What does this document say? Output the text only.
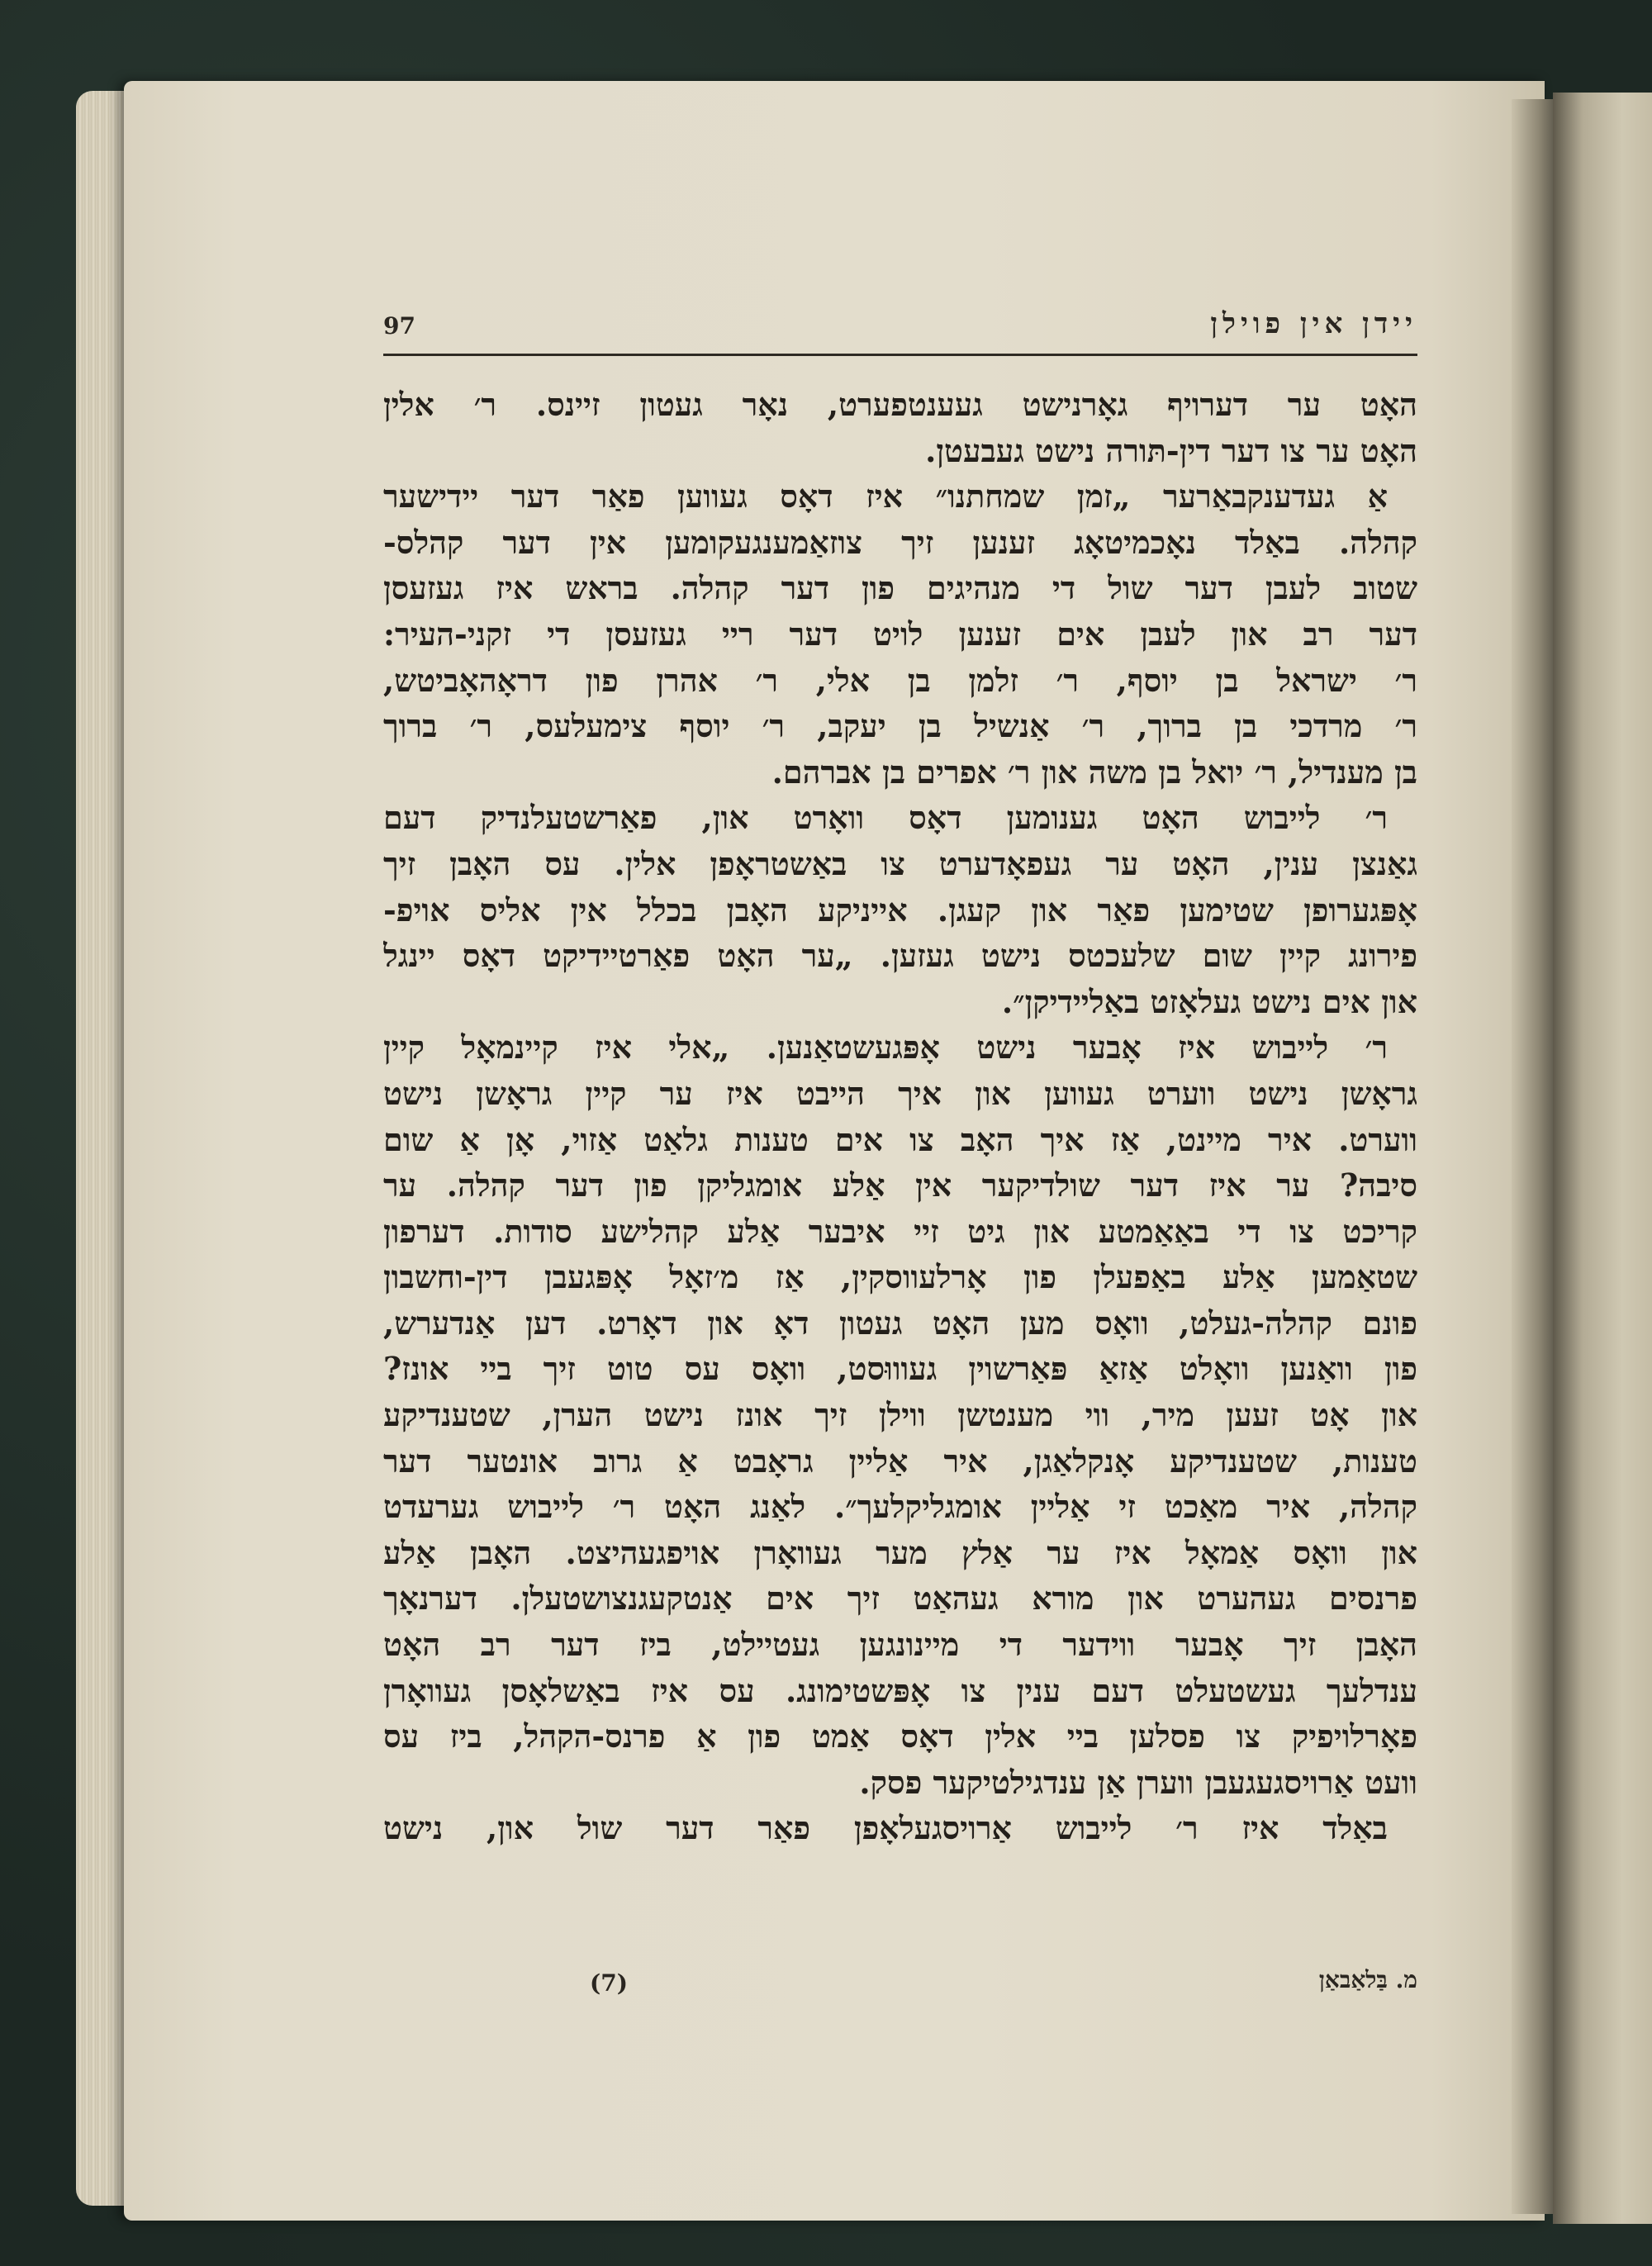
97	יידן אין פוילן
האָט ער דערויף גאָרנישט געענטפערט, נאָר געטון זיינס. ר׳ אלין
האָט ער צו דער דין-תּורה נישט געבעטן.
אַ געדענקבאַרער „זמן שמחתנו״ איז דאָס געווען פאַר דער יידישער
קהלה. באַלד נאָכמיטאָג זענען זיך צוזאַמענגעקומען אין דער קהלס-
שטוב לעבן דער שול די מנהיגים פון דער קהלה. בראש איז געזעסן
דער רב און לעבן אים זענען לויט דער ריי געזעסן די זקני-העיר:
ר׳ ישראל בן יוסף, ר׳ זלמן בן אלי, ר׳ אהרן פון דראָהאָביטש,
ר׳ מרדכי בן ברוך, ר׳ אַנשיל בן יעקב, ר׳ יוסף צימעלעס, ר׳ ברוך
בן מענדיל, ר׳ יואל בן משה און ר׳ אפרים בן אברהם.
ר׳ לייבוש האָט גענומען דאָס וואָרט און, פאַרשטעלנדיק דעם
גאַנצן ענין, האָט ער געפאָדערט צו באַשטראָפן אלין. עס האָבן זיך
אָפּגערופן שטימען פאַר און קעגן. אייניקע האָבן בכלל אין אליס אויפ-
פירונג קיין שום שלעכטס נישט געזען. „ער האָט פאַרטיידיקט דאָס יינגל
און אים נישט געלאָזט באַליידיקן״.
ר׳ לייבוש איז אָבער נישט אָפּגעשטאַנען. „אלי איז קיינמאָל קיין
גראָשן נישט ווערט געווען און איך הייבט איז ער קיין גראָשן נישט
ווערט. איר מיינט, אַז איך האָב צו אים טענות גלאַט אַזוי, אָן אַ שום
סיבה? ער איז דער שולדיקער אין אַלע אומגליקן פון דער קהלה. ער
קריכט צו די באַאַמטע און גיט זיי איבער אַלע קהלישע סודות. דערפון
שטאַמען אַלע באַפעלן פון אָרלעווסקין, אַז מ׳זאָל אָפּגעבן דין-וחשבון
פונם קהלה-געלט, וואָס מען האָט געטון דאָ און דאָרט. דען אַנדערש,
פון וואַנען וואָלט אַזאַ פּאַרשוין געוווּסט, וואָס עס טוט זיך ביי אונז?
און אָט זעען מיר, ווי מענטשן ווילן זיך אונז נישט הערן, שטענדיקע
טענות, שטענדיקע אָנקלאַגן, איר אַליין גראָבט אַ גרוב אונטער דער
קהלה, איר מאַכט זי אַליין אומגליקלעך״. לאַנג האָט ר׳ לייבוש גערעדט
און וואָס אַמאָל איז ער אַלץ מער געוואָרן אויפגעהיצט. האָבן אַלע
פרנסים געהערט און מורא געהאַט זיך אים אַנטקעגנצושטעלן. דערנאָך
האָבן זיך אָבער ווידער די מיינונגען געטיילט, ביז דער רב האָט
ענדלעך געשטעלט דעם ענין צו אָפּשטימונג. עס איז באַשלאָסן געוואָרן
פאָרלויפיק צו פסלען ביי אלין דאָס אַמט פון אַ פרנס-הקהל, ביז עס
וועט אַרויסגעגעבן ווערן אַן ענדגילטיקער פסק.
באַלד איז ר׳ לייבוש אַרויסגעלאָפן פאַר דער שול און, נישט
(7)	מ. בַּלאַבאַן
